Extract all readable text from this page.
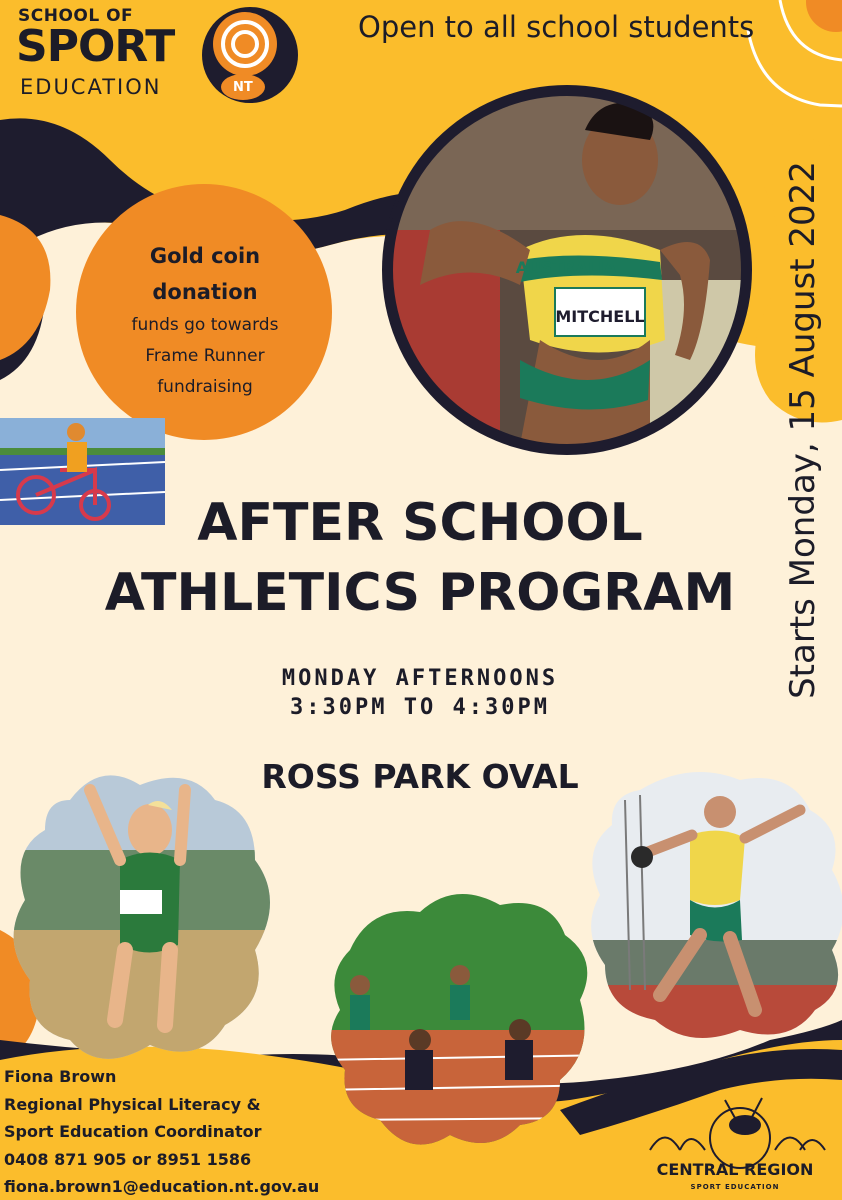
AUSTRALIA
MITCHELL
SCHOOL OF
SPORT
EDUCATION	NT
Open to all school students
Starts Monday, 15 August 2022
Gold coin
donation
funds go towards
Frame Runner
fundraising
AFTER SCHOOL
ATHLETICS PROGRAM
MONDAY AFTERNOONS
3:30PM TO 4:30PM
ROSS PARK OVAL
Fiona Brown
Regional Physical Literacy &
Sport Education Coordinator
0408 871 905 or 8951 1586
fiona.brown1@education.nt.gov.au
CENTRAL REGION
SPORT EDUCATION
